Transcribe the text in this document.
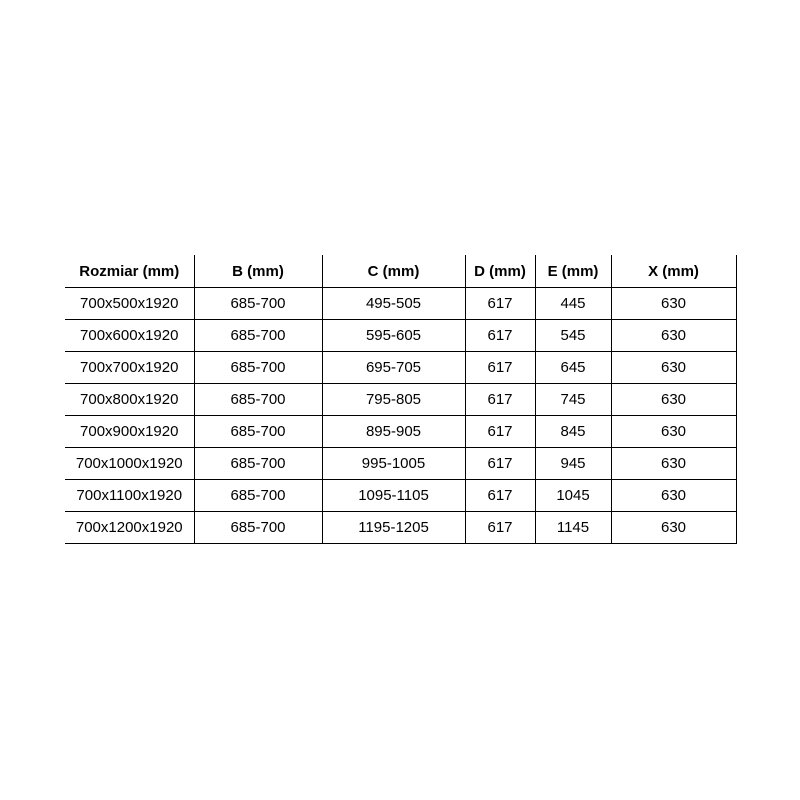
Rozmiar (mm)	B (mm)	C (mm)	D (mm)	E (mm)	X (mm)
700x500x1920	685-700	495-505	617	445	630
700x600x1920	685-700	595-605	617	545	630
700x700x1920	685-700	695-705	617	645	630
700x800x1920	685-700	795-805	617	745	630
700x900x1920	685-700	895-905	617	845	630
700x1000x1920	685-700	995-1005	617	945	630
700x1100x1920	685-700	1095-1105	617	1045	630
700x1200x1920	685-700	1195-1205	617	1145	630
